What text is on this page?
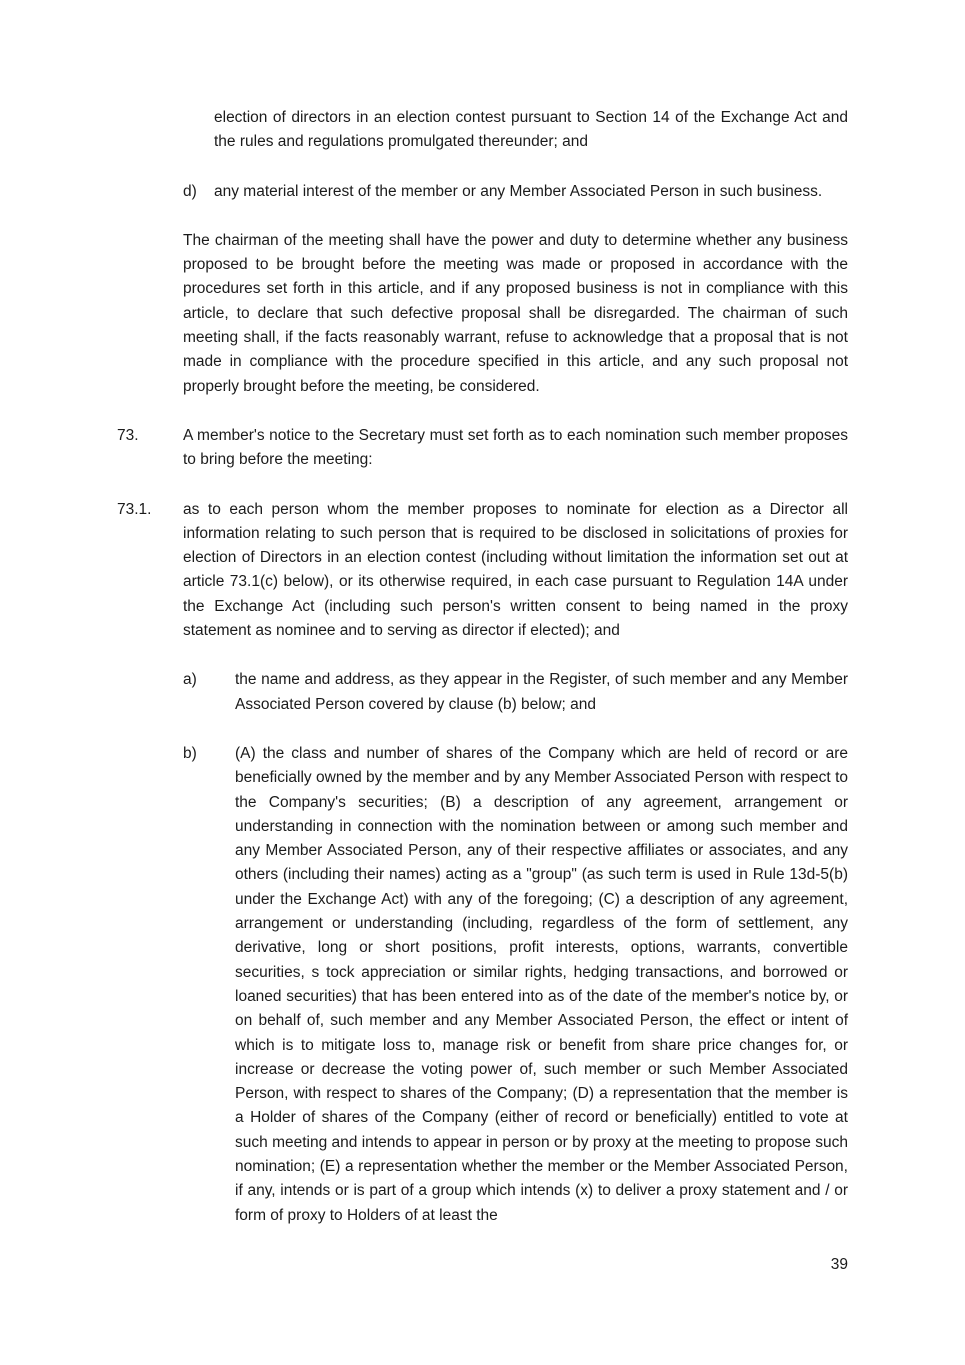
election of directors in an election contest pursuant to Section 14 of the Exchange Act and the rules and regulations promulgated thereunder; and
d)	any material interest of the member or any Member Associated Person in such business.
The chairman of the meeting shall have the power and duty to determine whether any business proposed to be brought before the meeting was made or proposed in accordance with the procedures set forth in this article, and if any proposed business is not in compliance with this article, to declare that such defective proposal shall be disregarded. The chairman of such meeting shall, if the facts reasonably warrant, refuse to acknowledge that a proposal that is not made in compliance with the procedure specified in this article, and any such proposal not properly brought before the meeting, be considered.
73.	A member's notice to the Secretary must set forth as to each nomination such member proposes to bring before the meeting:
73.1.	as to each person whom the member proposes to nominate for election as a Director all information relating to such person that is required to be disclosed in solicitations of proxies for election of Directors in an election contest (including without limitation the information set out at article 73.1(c) below), or its otherwise required, in each case pursuant to Regulation 14A under the Exchange Act (including such person's written consent to being named in the proxy statement as nominee and to serving as director if elected); and
a)	the name and address, as they appear in the Register, of such member and any Member Associated Person covered by clause (b) below; and
b)	(A) the class and number of shares of the Company which are held of record or are beneficially owned by the member and by any Member Associated Person with respect to the Company's securities; (B) a description of any agreement, arrangement or understanding in connection with the nomination between or among such member and any Member Associated Person, any of their respective affiliates or associates, and any others (including their names) acting as a "group" (as such term is used in Rule 13d-5(b) under the Exchange Act) with any of the foregoing; (C) a description of any agreement, arrangement or understanding (including, regardless of the form of settlement, any derivative, long or short positions, profit interests, options, warrants, convertible securities, s tock appreciation or similar rights, hedging transactions, and borrowed or loaned securities) that has been entered into as of the date of the member's notice by, or on behalf of, such member and any Member Associated Person, the effect or intent of which is to mitigate loss to, manage risk or benefit from share price changes for, or increase or decrease the voting power of, such member or such Member Associated Person, with respect to shares of the Company; (D) a representation that the member is a Holder of shares of the Company (either of record or beneficially) entitled to vote at such meeting and intends to appear in person or by proxy at the meeting to propose such nomination; (E) a representation whether the member or the Member Associated Person, if any, intends or is part of a group which intends (x) to deliver a proxy statement and / or form of proxy to Holders of at least the
39
